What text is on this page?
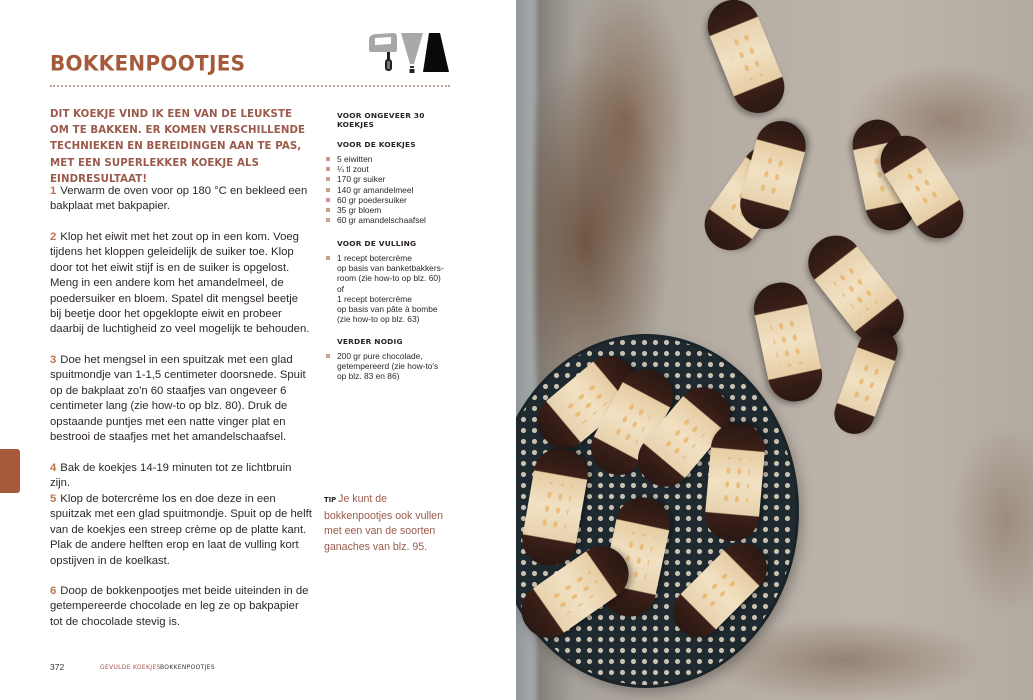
BOKKENPOOTJES

DIT KOEKJE VIND IK EEN VAN DE LEUKSTE OM TE BAKKEN. ER KOMEN VERSCHILLENDE TECHNIEKEN EN BEREIDINGEN AAN TE PAS, MET EEN SUPERLEKKER KOEKJE ALS EINDRESULTAAT!

1 Verwarm de oven voor op 180 °C en bekleed een bakplaat met bakpapier.

2 Klop het eiwit met het zout op in een kom. Voeg tijdens het kloppen geleidelijk de suiker toe. Klop door tot het eiwit stijf is en de suiker is opgelost. Meng in een andere kom het amandelmeel, de poedersuiker en bloem. Spatel dit mengsel beetje bij beetje door het opgeklopte eiwit en probeer daarbij de luchtigheid zo veel mogelijk te behouden.

3 Doe het mengsel in een spuitzak met een glad spuitmondje van 1-1,5 centimeter doorsnede. Spuit op de bakplaat zo'n 60 staafjes van ongeveer 6 centimeter lang (zie how-to op blz. 80). Druk de opstaande puntjes met een natte vinger plat en bestrooi de staafjes met het amandelschaafsel.

4 Bak de koekjes 14-19 minuten tot ze lichtbruin zijn.

5 Klop de botercrème los en doe deze in een spuitzak met een glad spuitmondje. Spuit op de helft van de koekjes een streep crème op de platte kant. Plak de andere helften erop en laat de vulling kort opstijven in de koelkast.

6 Doop de bokkenpootjes met beide uiteinden in de getempereerde chocolade en leg ze op bakpapier tot de chocolade stevig is.

VOOR ONGEVEER 30 KOEKJES
VOOR DE KOEKJES
5 eiwitten
¼ tl zout
170 gr suiker
140 gr amandelmeel
60 gr poedersuiker
35 gr bloem
60 gr amandelschaafsel
VOOR DE VULLING
1 recept botercrème
op basis van banketbakkers-
room (zie how-to op blz. 60)
of
1 recept botercrème
op basis van pâte à bombe
(zie how-to op blz. 63)
VERDER NODIG
200 gr pure chocolade,
getempereerd (zie how-to's
op blz. 83 en 86)

TIP Je kunt de bokkenpootjes ook vullen met een van de soorten ganaches van blz. 95.

372	GEVULDE KOEKJES BOKKENPOOTJES
